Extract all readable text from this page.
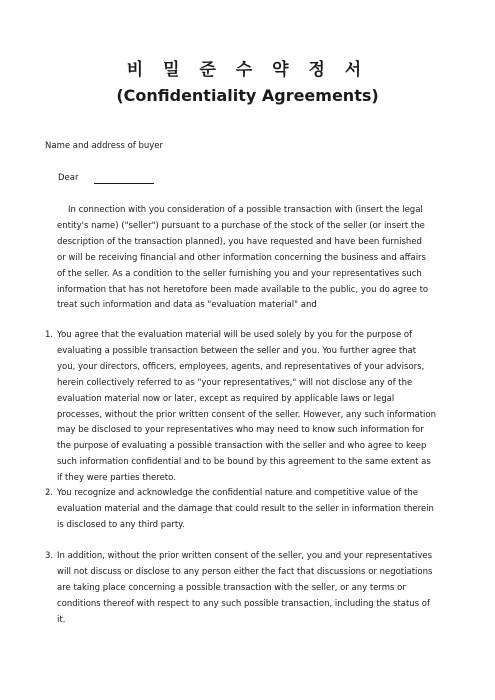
비 밀 준 수 약 정 서
(Confidentiality Agreements)
Name and address of buyer
Dear

In connection with you consideration of a possible transaction with (insert the legal entity's name) ("seller") pursuant to a purchase of the stock of the seller (or insert the description of the transaction planned), you have requested and have been furnished or will be receiving financial and other information concerning the business and affairs of the seller. As a condition to the seller furnishing you and your representatives such information that has not heretofore been made available to the public, you do agree to treat such information and data as "evaluation material" and

1. You agree that the evaluation material will be used solely by you for the purpose of evaluating a possible transaction between the seller and you. You further agree that you, your directors, officers, employees, agents, and representatives of your advisors, herein collectively referred to as "your representatives," will not disclose any of the evaluation material now or later, except as required by applicable laws or legal processes, without the prior written consent of the seller. However, any such information may be disclosed to your representatives who may need to know such information for the purpose of evaluating a possible transaction with the seller and who agree to keep such information confidential and to be bound by this agreement to the same extent as if they were parties thereto.

2. You recognize and acknowledge the confidential nature and competitive value of the evaluation material and the damage that could result to the seller in information therein is disclosed to any third party.

3. In addition, without the prior written consent of the seller, you and your representatives will not discuss or disclose to any person either the fact that discussions or negotiations are taking place concerning a possible transaction with the seller, or any terms or conditions thereof with respect to any such possible transaction, including the status of it.
